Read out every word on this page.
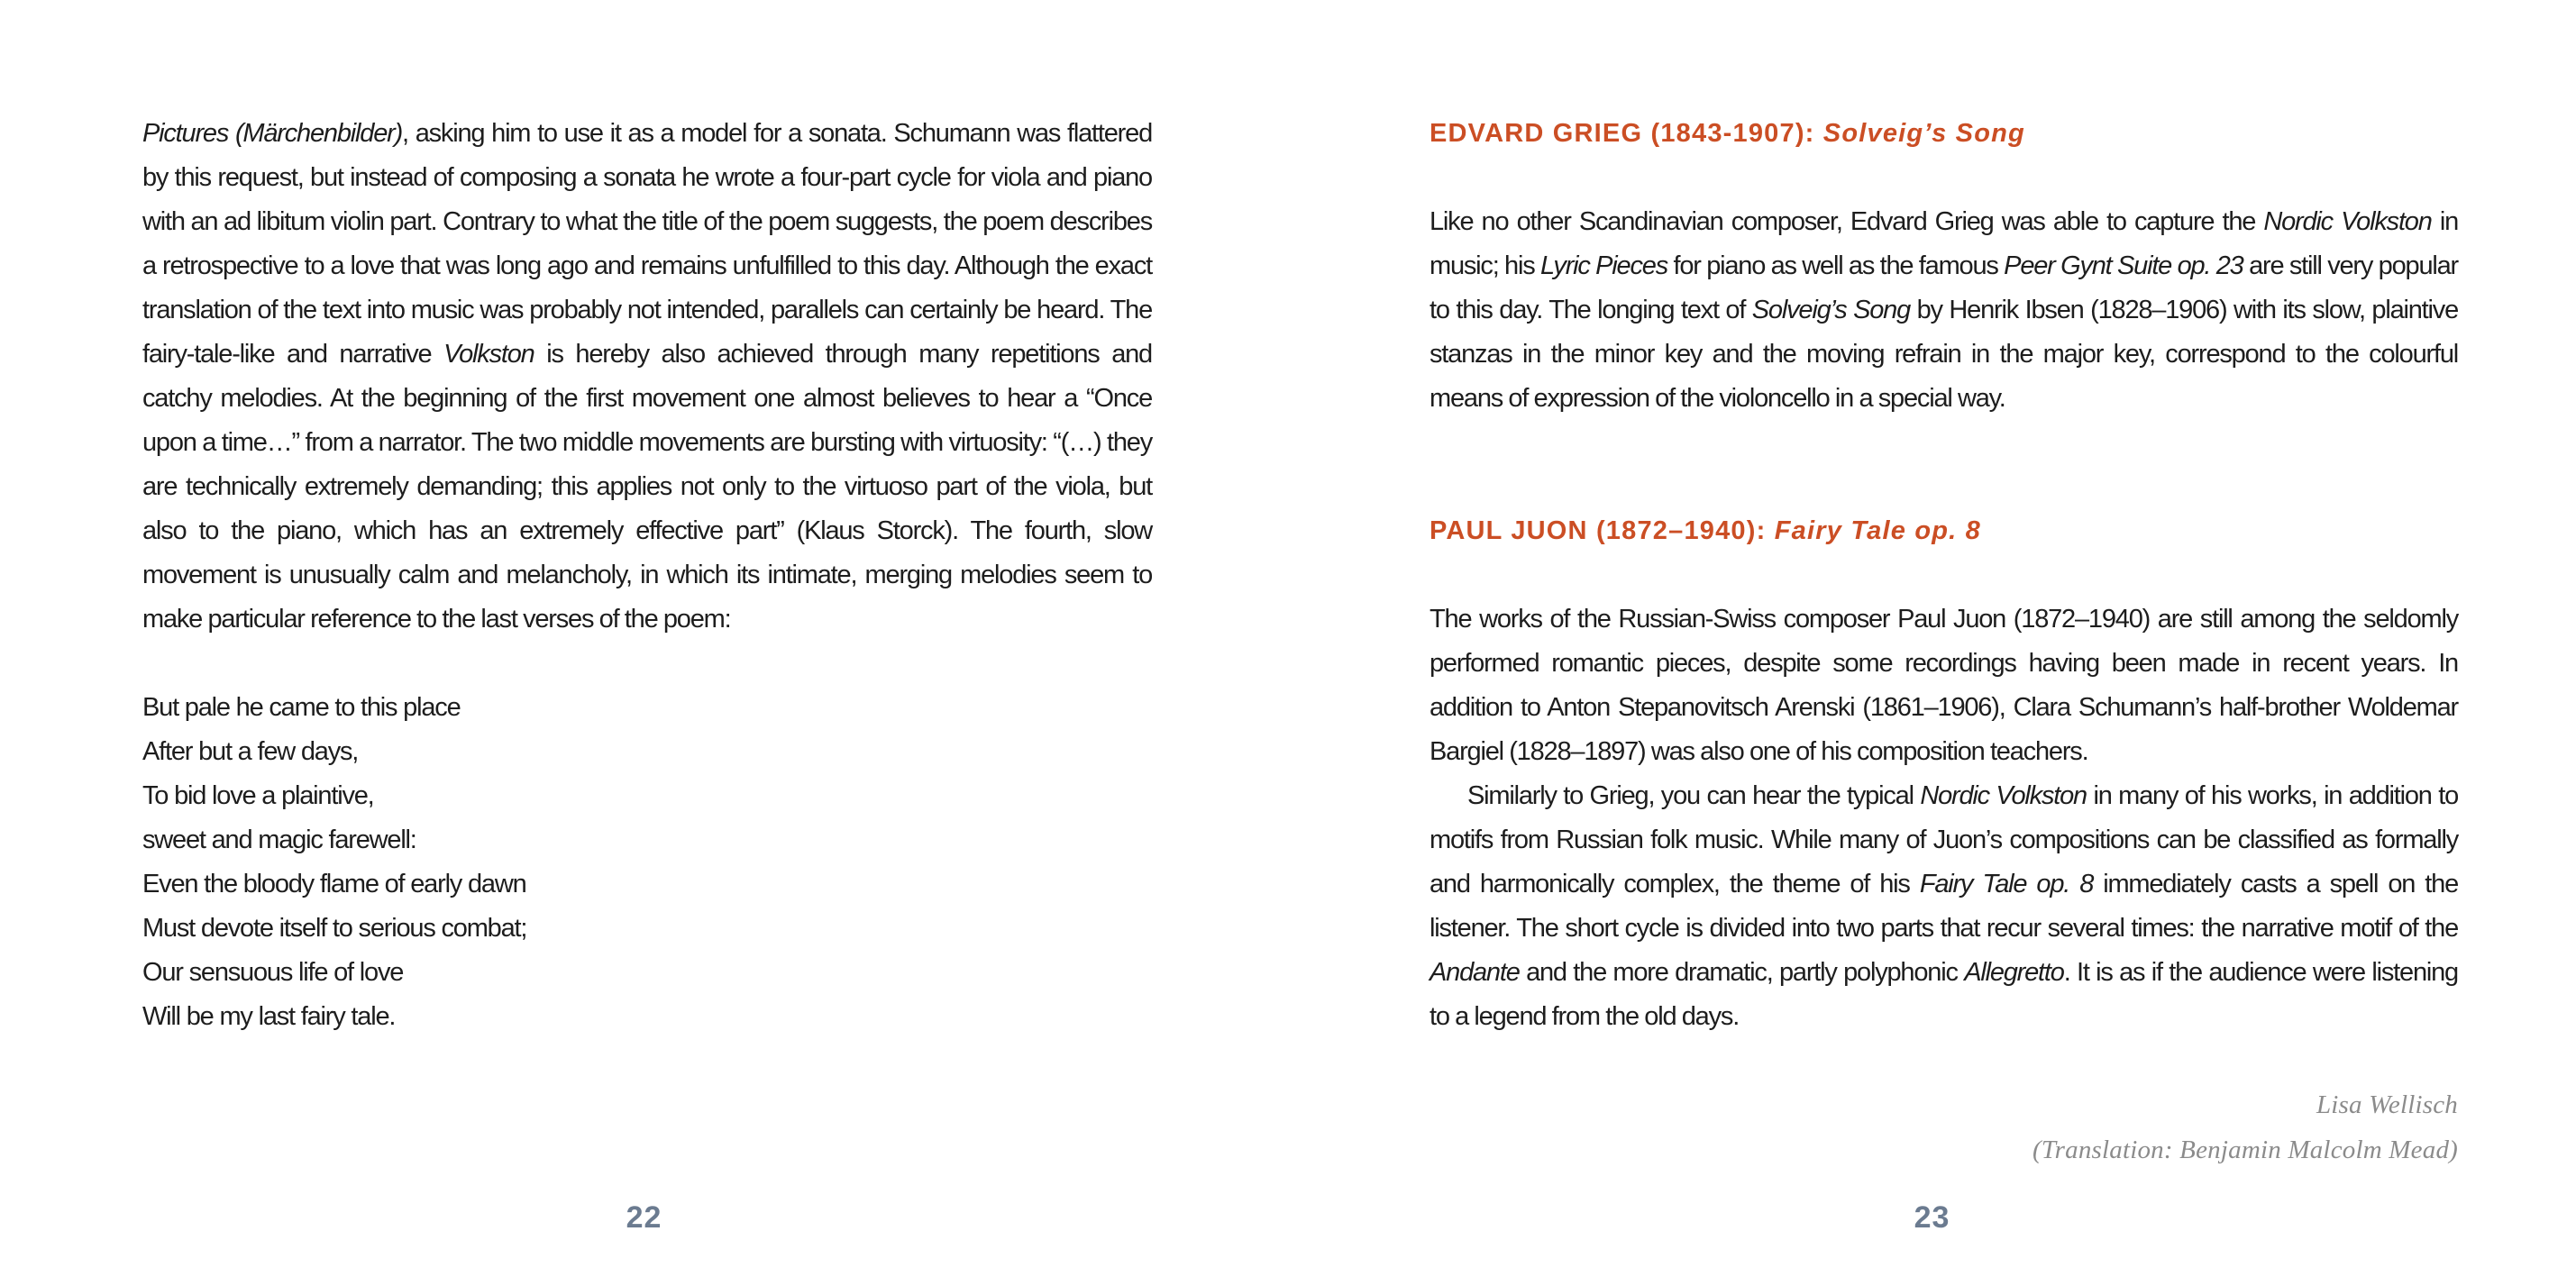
Pictures (Märchenbilder), asking him to use it as a model for a sonata. Schumann was flattered by this request, but instead of composing a sonata he wrote a four-part cycle for viola and piano with an ad libitum violin part. Contrary to what the title of the poem suggests, the poem describes a retrospective to a love that was long ago and remains unfulfilled to this day. Although the exact translation of the text into music was probably not intended, parallels can certainly be heard. The fairy-tale-like and narrative Volkston is hereby also achieved through many repetitions and catchy melodies. At the beginning of the first movement one almost believes to hear a “Once upon a time…” from a narrator. The two middle movements are bursting with virtuosity: “(…) they are technically extremely demanding; this applies not only to the virtuoso part of the viola, but also to the piano, which has an extremely effective part” (Klaus Storck). The fourth, slow movement is unusually calm and melancholy, in which its intimate, merging melodies seem to make particular reference to the last verses of the poem:

But pale he came to this place
After but a few days,
To bid love a plaintive,
sweet and magic farewell:
Even the bloody flame of early dawn
Must devote itself to serious combat;
Our sensuous life of love
Will be my last fairy tale.
22
EDVARD GRIEG (1843-1907): Solveig’s Song

Like no other Scandinavian composer, Edvard Grieg was able to capture the Nordic Volkston in music; his Lyric Pieces for piano as well as the famous Peer Gynt Suite op. 23 are still very popular to this day. The longing text of Solveig’s Song by Henrik Ibsen (1828–1906) with its slow, plaintive stanzas in the minor key and the moving refrain in the major key, correspond to the colourful means of expression of the violoncello in a special way.

PAUL JUON (1872–1940): Fairy Tale op. 8

The works of the Russian-Swiss composer Paul Juon (1872–1940) are still among the seldomly performed romantic pieces, despite some recordings having been made in recent years. In addition to Anton Stepanovitsch Arenski (1861–1906), Clara Schumann’s half-brother Woldemar Bargiel (1828–1897) was also one of his composition teachers.

Similarly to Grieg, you can hear the typical Nordic Volkston in many of his works, in addition to motifs from Russian folk music. While many of Juon’s compositions can be classified as formally and harmonically complex, the theme of his Fairy Tale op. 8 immediately casts a spell on the listener. The short cycle is divided into two parts that recur several times: the narrative motif of the Andante and the more dramatic, partly polyphonic Allegretto. It is as if the audience were listening to a legend from the old days.

Lisa Wellisch
(Translation: Benjamin Malcolm Mead)
23
